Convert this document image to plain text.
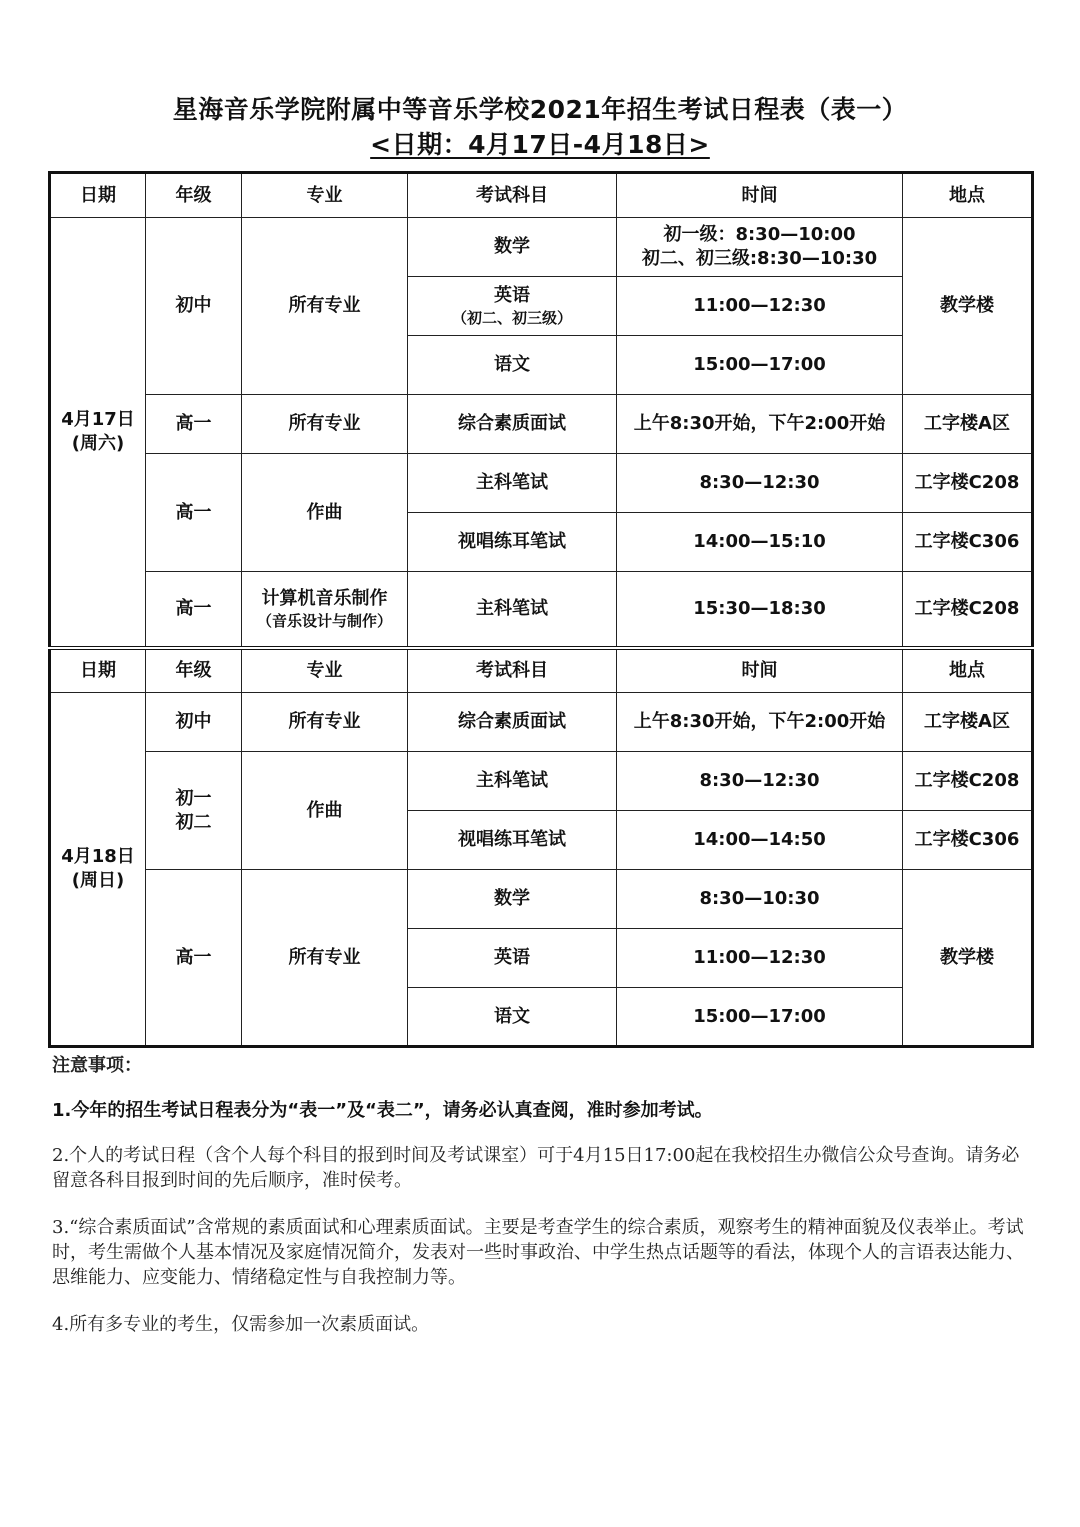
星海音乐学院附属中等音乐学校2021年招生考试日程表（表一）
<日期：4月17日-4月18日>
日期	年级	专业	考试科目	时间	地点

4月17日
(周六)	初中	所有专业	数学	初一级：8:30—10:00
初二、初三级:8:30—10:30	教学楼

			英语
（初二、初三级）	11:00—12:30	
			语文	15:00—17:00	
	高一	所有专业	综合素质面试	上午8:30开始，下午2:00开始	工字楼A区
	高一	作曲	主科笔试	8:30—12:30	工字楼C208
			视唱练耳笔试	14:00—15:10	工字楼C306
	高一	计算机音乐制作
（音乐设计与制作）	主科笔试	15:30—18:30	工字楼C208
日期	年级	专业	考试科目	时间	地点

4月18日
(周日)	初中	所有专业	综合素质面试	上午8:30开始，下午2:00开始	工字楼A区

	初一
初二	作曲	主科笔试	8:30—12:30	工字楼C208
			视唱练耳笔试	14:00—14:50	工字楼C306
	高一	所有专业	数学	8:30—10:30	教学楼
			英语	11:00—12:30	
			语文	15:00—17:00	
注意事项：
1.今年的招生考试日程表分为“表一”及“表二”，请务必认真查阅，准时参加考试。

2.个人的考试日程（含个人每个科目的报到时间及考试课室）可于4月15日17:00起在我校招生办微信公众号查询。请务必留意各科目报到时间的先后顺序，准时侯考。

3.“综合素质面试”含常规的素质面试和心理素质面试。主要是考查学生的综合素质，观察考生的精神面貌及仪表举止。考试时，考生需做个人基本情况及家庭情况简介，发表对一些时事政治、中学生热点话题等的看法，体现个人的言语表达能力、思维能力、应变能力、情绪稳定性与自我控制力等。

4.所有多专业的考生，仅需参加一次素质面试。
